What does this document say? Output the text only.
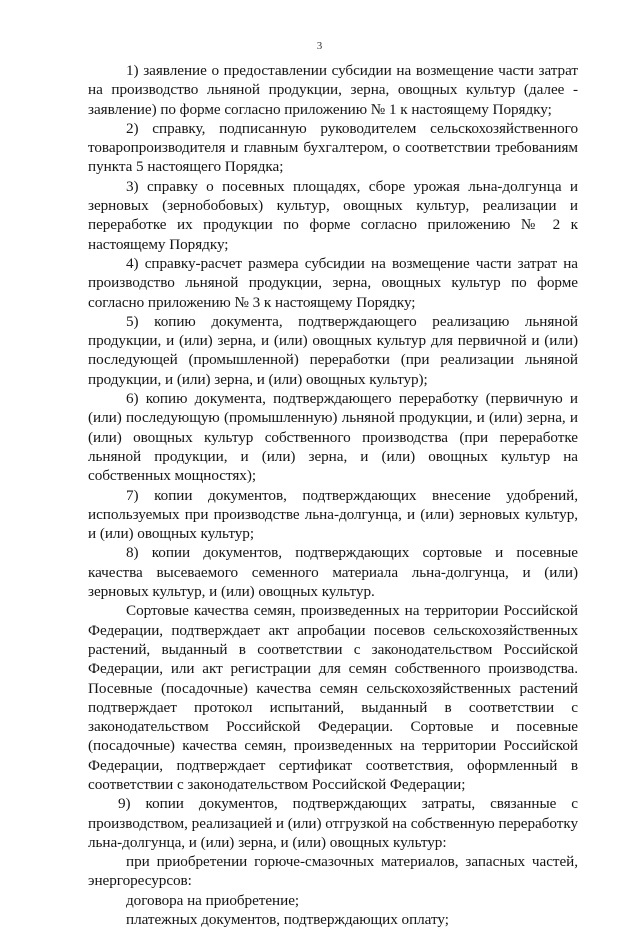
3

1) заявление о предоставлении субсидии на возмещение части затрат на производство льняной продукции, зерна, овощных культур (далее - заявление) по форме согласно приложению № 1 к настоящему Порядку;

2) справку, подписанную руководителем сельскохозяйственного товаропроизводителя и главным бухгалтером, о соответствии требованиям пункта 5 настоящего Порядка;

3) справку о посевных площадях, сборе урожая льна-долгунца и зерновых (зернобобовых) культур, овощных культур, реализации и переработке их продукции по форме согласно приложению № 2 к настоящему Порядку;

4) справку-расчет размера субсидии на возмещение части затрат на производство льняной продукции, зерна, овощных культур по форме согласно приложению № 3 к настоящему Порядку;

5) копию документа, подтверждающего реализацию льняной продукции, и (или) зерна, и (или) овощных культур для первичной и (или) последующей (промышленной) переработки (при реализации льняной продукции, и (или) зерна, и (или) овощных культур);

6) копию документа, подтверждающего переработку (первичную и (или) последующую (промышленную) льняной продукции, и (или) зерна, и (или) овощных культур собственного производства (при переработке льняной продукции, и (или) зерна, и (или) овощных культур на собственных мощностях);

7) копии документов, подтверждающих внесение удобрений, используемых при производстве льна-долгунца, и (или) зерновых культур, и (или) овощных культур;

8) копии документов, подтверждающих сортовые и посевные качества высеваемого семенного материала льна-долгунца, и (или) зерновых культур, и (или) овощных культур.

Сортовые качества семян, произведенных на территории Российской Федерации, подтверждает акт апробации посевов сельскохозяйственных растений, выданный в соответствии с законодательством Российской Федерации, или акт регистрации для семян собственного производства. Посевные (посадочные) качества семян сельскохозяйственных растений подтверждает протокол испытаний, выданный в соответствии с законодательством Российской Федерации. Сортовые и посевные (посадочные) качества семян, произведенных на территории Российской Федерации, подтверждает сертификат соответствия, оформленный в соответствии с законодательством Российской Федерации;

9) копии документов, подтверждающих затраты, связанные с производством, реализацией и (или) отгрузкой на собственную переработку льна-долгунца, и (или) зерна, и (или) овощных культур:

при приобретении горюче-смазочных материалов, запасных частей, энергоресурсов:

договора на приобретение;

платежных документов, подтверждающих оплату;
